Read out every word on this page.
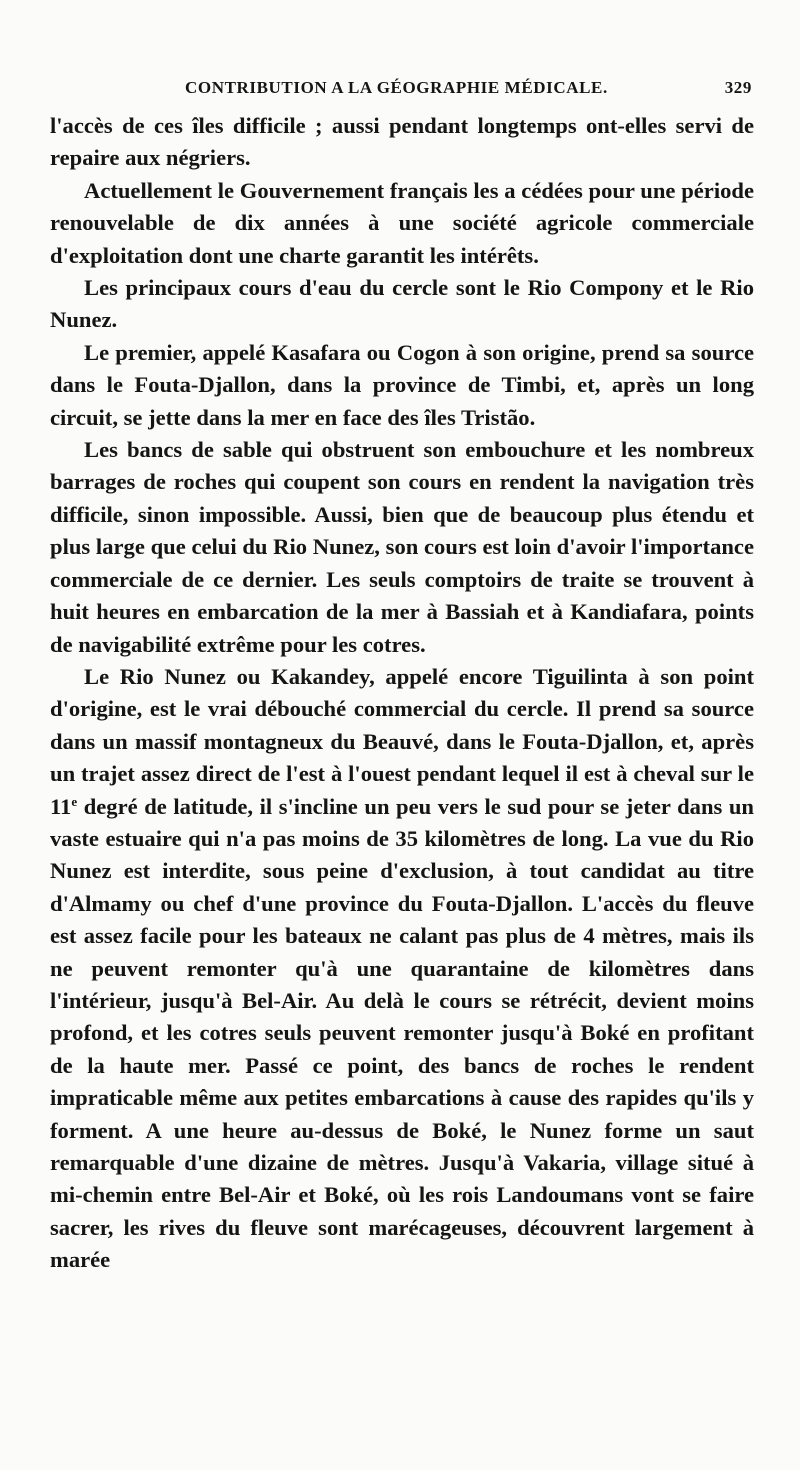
CONTRIBUTION A LA GÉOGRAPHIE MÉDICALE.	329

l'accès de ces îles difficile ; aussi pendant longtemps ont-elles servi de repaire aux négriers.

Actuellement le Gouvernement français les a cédées pour une période renouvelable de dix années à une société agricole commerciale d'exploitation dont une charte garantit les intérêts.

Les principaux cours d'eau du cercle sont le Rio Compony et le Rio Nunez.

Le premier, appelé Kasafara ou Cogon à son origine, prend sa source dans le Fouta-Djallon, dans la province de Timbi, et, après un long circuit, se jette dans la mer en face des îles Tristão.

Les bancs de sable qui obstruent son embouchure et les nombreux barrages de roches qui coupent son cours en rendent la navigation très difficile, sinon impossible. Aussi, bien que de beaucoup plus étendu et plus large que celui du Rio Nunez, son cours est loin d'avoir l'importance commerciale de ce dernier. Les seuls comptoirs de traite se trouvent à huit heures en embarcation de la mer à Bassiah et à Kandiafara, points de navigabilité extrême pour les cotres.

Le Rio Nunez ou Kakandey, appelé encore Tiguilinta à son point d'origine, est le vrai débouché commercial du cercle. Il prend sa source dans un massif montagneux du Beauvé, dans le Fouta-Djallon, et, après un trajet assez direct de l'est à l'ouest pendant lequel il est à cheval sur le 11e degré de latitude, il s'incline un peu vers le sud pour se jeter dans un vaste estuaire qui n'a pas moins de 35 kilomètres de long. La vue du Rio Nunez est interdite, sous peine d'exclusion, à tout candidat au titre d'Almamy ou chef d'une province du Fouta-Djallon. L'accès du fleuve est assez facile pour les bateaux ne calant pas plus de 4 mètres, mais ils ne peuvent remonter qu'à une quarantaine de kilomètres dans l'intérieur, jusqu'à Bel-Air. Au delà le cours se rétrécit, devient moins profond, et les cotres seuls peuvent remonter jusqu'à Boké en profitant de la haute mer. Passé ce point, des bancs de roches le rendent impraticable même aux petites embarcations à cause des rapides qu'ils y forment. A une heure au-dessus de Boké, le Nunez forme un saut remarquable d'une dizaine de mètres. Jusqu'à Vakaria, village situé à mi-chemin entre Bel-Air et Boké, où les rois Landoumans vont se faire sacrer, les rives du fleuve sont marécageuses, découvrent largement à marée
